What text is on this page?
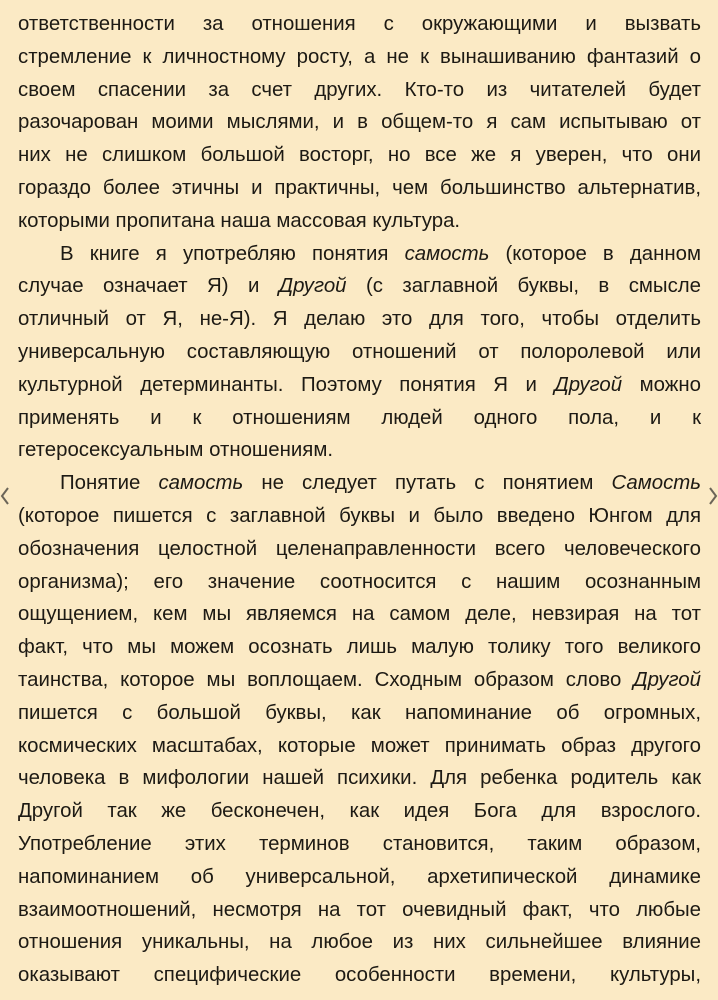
ответственности за отношения с окружающими и вызвать
стремление к личностному росту, а не к вынашиванию фантазий о
своем спасении за счет других. Кто-то из читателей будет
разочарован моими мыслями, и в общем-то я сам испытываю от
них не слишком большой восторг, но все же я уверен, что они
гораздо более этичны и практичны, чем большинство альтернатив,
которыми пропитана наша массовая культура.
В книге я употребляю понятия самость (которое в данном
случае означает Я) и Другой (с заглавной буквы, в смысле
отличный от Я, не-Я). Я делаю это для того, чтобы отделить
универсальную составляющую отношений от полоролевой или
культурной детерминанты. Поэтому понятия Я и Другой можно
применять и к отношениям людей одного пола, и к
гетеросексуальным отношениям.
Понятие самость не следует путать с понятием Самость
(которое пишется с заглавной буквы и было введено Юнгом для
обозначения целостной целенаправленности всего человеческого
организма); его значение соотносится с нашим осознанным
ощущением, кем мы являемся на самом деле, невзирая на тот
факт, что мы можем осознать лишь малую толику того великого
таинства, которое мы воплощаем. Сходным образом слово Другой
пишется с большой буквы, как напоминание об огромных,
космических масштабах, которые может принимать образ другого
человека в мифологии нашей психики. Для ребенка родитель как
Другой так же бесконечен, как идея Бога для взрослого.
Употребление этих терминов становится, таким образом,
напоминанием об универсальной, архетипической динамике
взаимоотношений, несмотря на тот очевидный факт, что любые
отношения уникальны, на любое из них сильнейшее влияние
оказывают специфические особенности времени, культуры,
